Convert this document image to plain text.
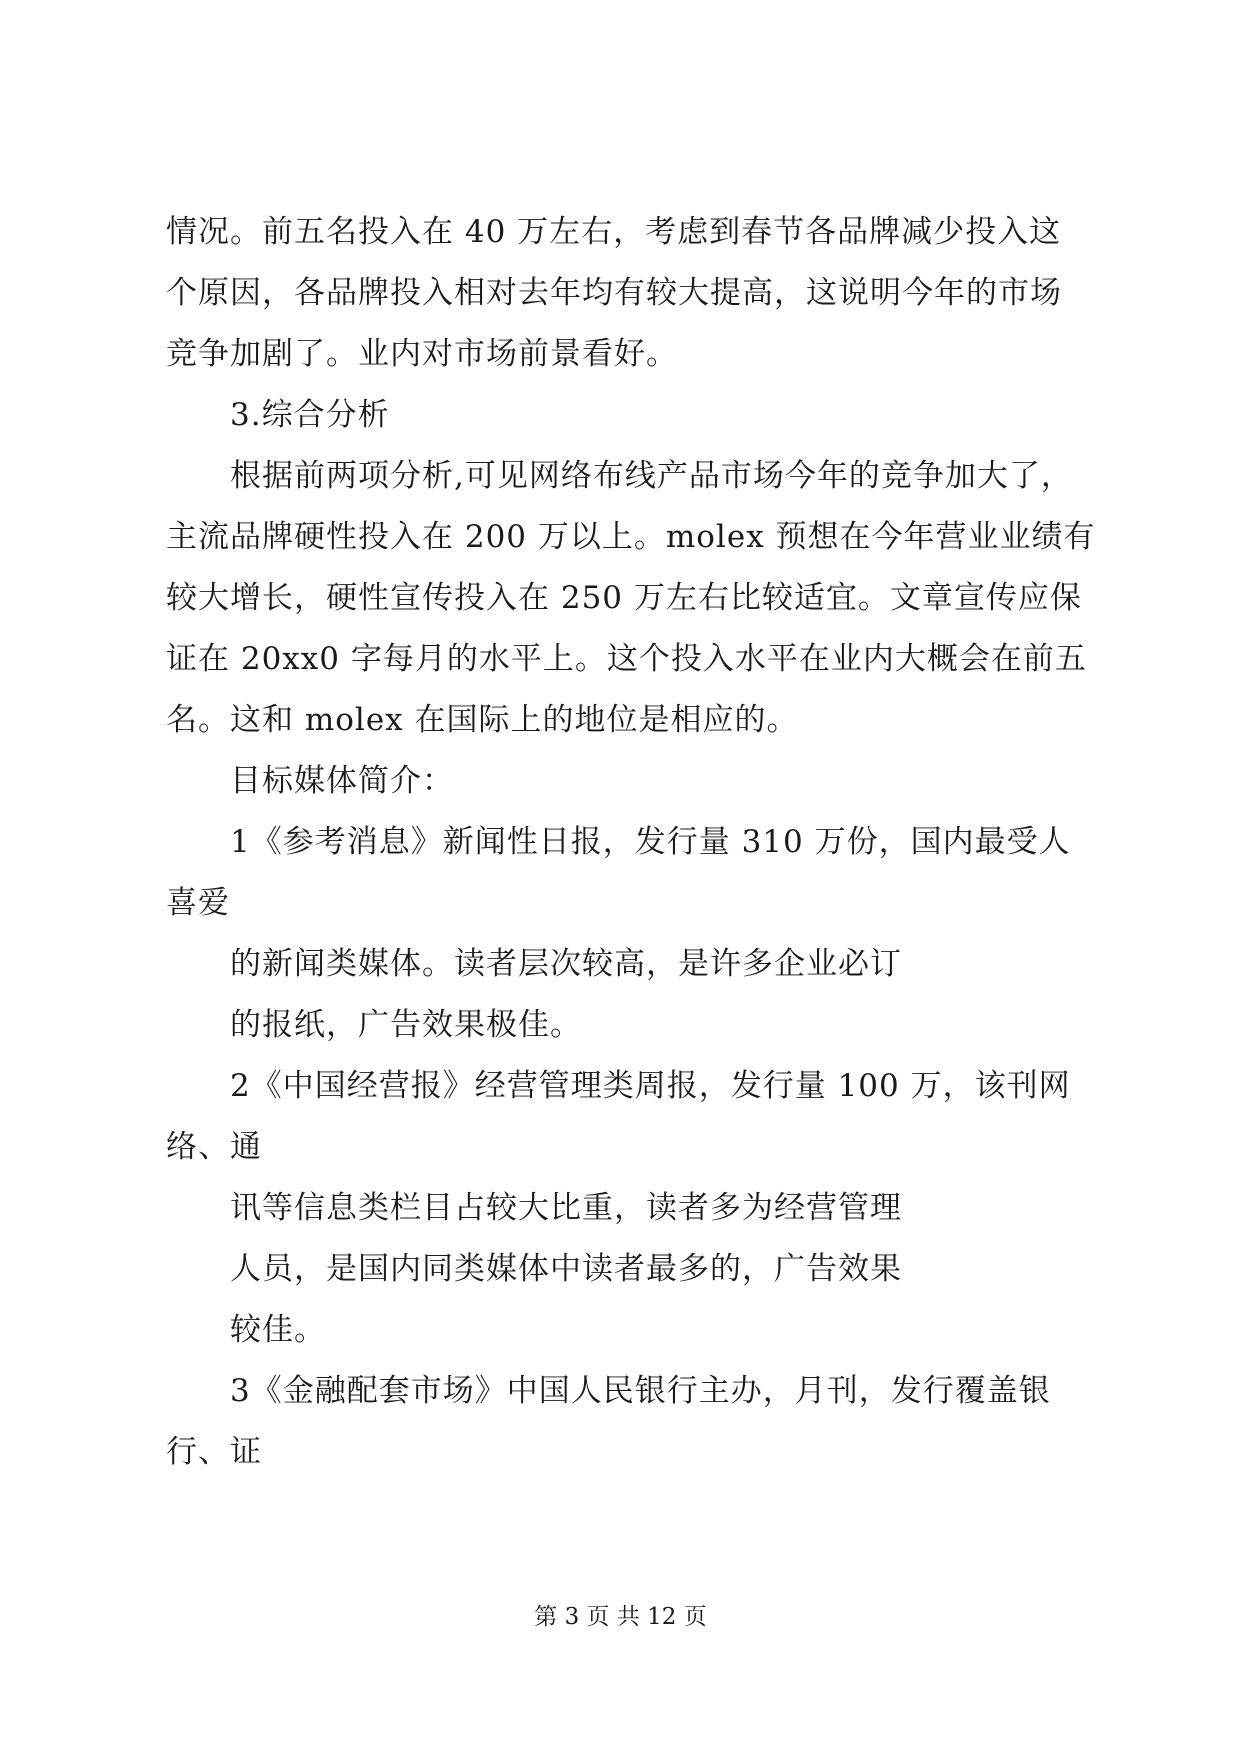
情况。前五名投入在 40 万左右，考虑到春节各品牌减少投入这
个原因，各品牌投入相对去年均有较大提高，这说明今年的市场
竞争加剧了。业内对市场前景看好。
3.综合分析
根据前两项分析,可见网络布线产品市场今年的竞争加大了，
主流品牌硬性投入在 200 万以上。molex 预想在今年营业业绩有
较大增长，硬性宣传投入在 250 万左右比较适宜。文章宣传应保
证在 20xx0 字每月的水平上。这个投入水平在业内大概会在前五
名。这和 molex 在国际上的地位是相应的。
目标媒体简介：
1《参考消息》新闻性日报，发行量 310 万份，国内最受人
喜爱
的新闻类媒体。读者层次较高，是许多企业必订
的报纸，广告效果极佳。
2《中国经营报》经营管理类周报，发行量 100 万，该刊网
络、通
讯等信息类栏目占较大比重，读者多为经营管理
人员，是国内同类媒体中读者最多的，广告效果
较佳。
3《金融配套市场》中国人民银行主办，月刊，发行覆盖银
行、证
第 3 页 共 12 页
